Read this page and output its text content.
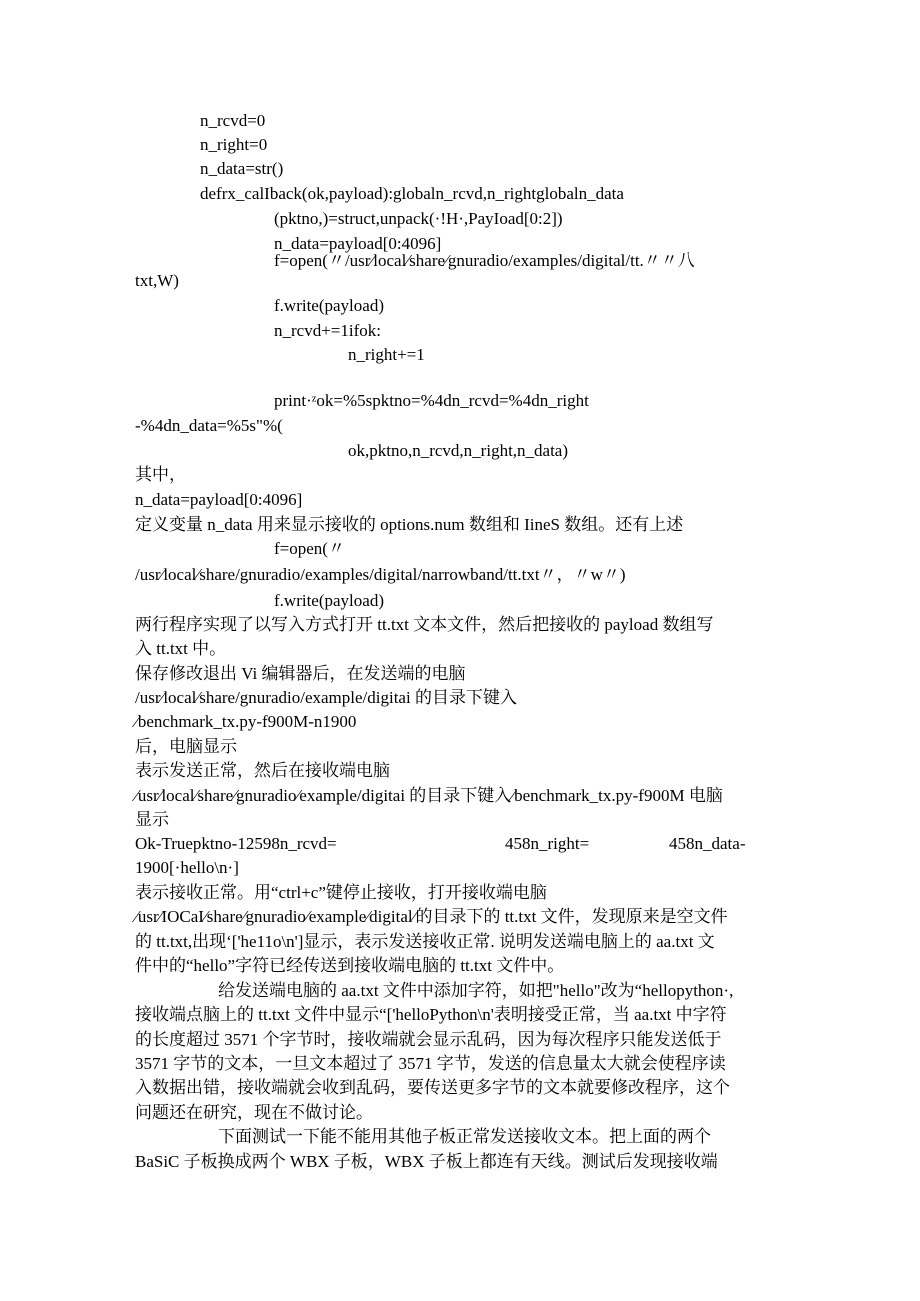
n_rcvd=0
n_right=0
n_data=str()
defrx_calIback(ok,payload):globaln_rcvd,n_rightglobaln_data
(pktno,)=struct,unpack(·!H·,PayIoad[0:2])
n_data=payload[0:4096]
f=open(〃/usr⁄local⁄share⁄gnuradio/examples/digital/tt.〃〃八
txt,W)
f.write(payload)
n_rcvd+=1ifok:
n_right+=1
print·ᶻok=%5spktno=%4dn_rcvd=%4dn_right
-%4dn_data=%5s"%(
ok,pktno,n_rcvd,n_right,n_data)
其中，
n_data=payload[0:4096]
定义变量 n_data 用来显示接收的 options.num 数组和 IineS 数组。还有上述
f=open(〃
/usr⁄local⁄share/gnuradio/examples/digital/narrowband/tt.txt〃，〃w〃)
f.write(payload)
两行程序实现了以写入方式打开 tt.txt 文本文件，然后把接收的 payload 数组写
入 tt.txt 中。
保存修改退出 Vi 编辑器后，在发送端的电脑
/usr⁄local⁄share/gnuradio/example/digitai 的目录下键入
⁄benchmark_tx.py-f900M-n1900
后，电脑显示
表示发送正常，然后在接收端电脑
⁄usr⁄local⁄share⁄gnuradio⁄example/digitai 的目录下键入⁄benchmark_tx.py-f900M 电脑
显示
Ok-Truepktno-12598n_rcvd=	458n_right=	458n_data-
1900[·hello\n·]
表示接收正常。用“ctrl+c”键停止接收，打开接收端电脑
⁄usr⁄IOCaI⁄share⁄gnuradio⁄example⁄digital⁄的目录下的 tt.txt 文件，发现原来是空文件
的 tt.txt,出现‘['he11o\n']显示，表示发送接收正常. 说明发送端电脑上的 aa.txt 文
件中的“hello”字符已经传送到接收端电脑的 tt.txt 文件中。
给发送端电脑的 aa.txt 文件中添加字符，如把"hello"改为“hellopython·,
接收端点脑上的 tt.txt 文件中显示“['helloPython\n'表明接受正常，当 aa.txt 中字符
的长度超过 3571 个字节时，接收端就会显示乱码，因为每次程序只能发送低于
3571 字节的文本，一旦文本超过了 3571 字节，发送的信息量太大就会使程序读
入数据出错，接收端就会收到乱码，要传送更多字节的文本就要修改程序，这个
问题还在研究，现在不做讨论。
下面测试一下能不能用其他子板正常发送接收文本。把上面的两个
BaSiC 子板换成两个 WBX 子板，WBX 子板上都连有天线。测试后发现接收端
